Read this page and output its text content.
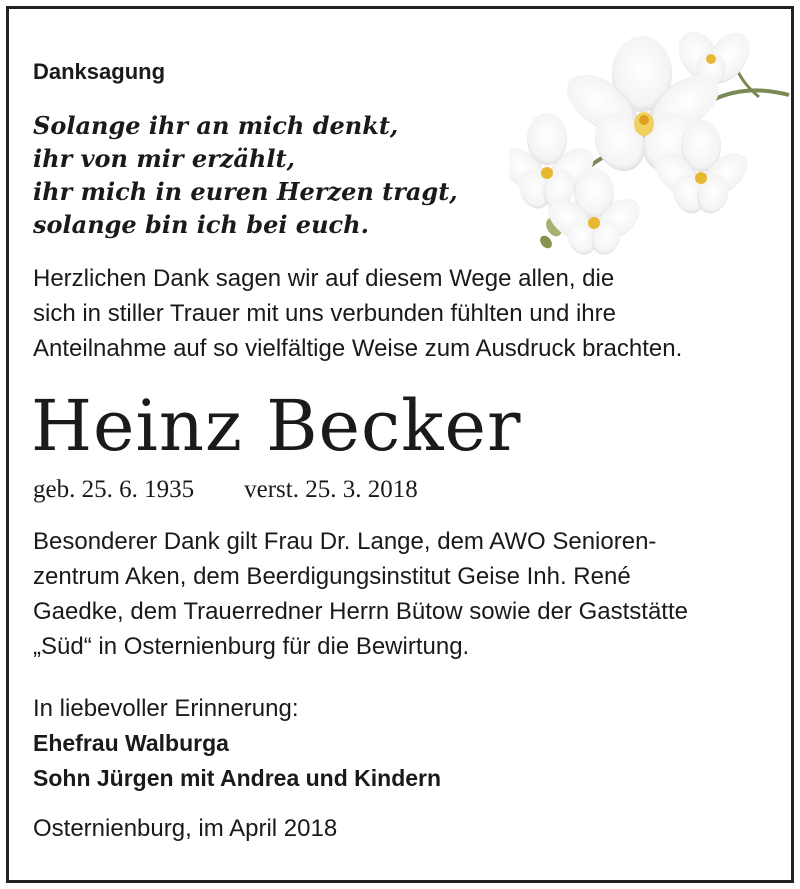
Danksagung
Solange ihr an mich denkt,
ihr von mir erzählt,
ihr mich in euren Herzen tragt,
solange bin ich bei euch.
Herzlichen Dank sagen wir auf diesem Wege allen, die
sich in stiller Trauer mit uns verbunden fühlten und ihre
Anteilnahme auf so vielfältige Weise zum Ausdruck brachten.
Heinz Becker
geb. 25. 6. 1935 verst. 25. 3. 2018
Besonderer Dank gilt Frau Dr. Lange, dem AWO Senioren-
zentrum Aken, dem Beerdigungsinstitut Geise Inh. René
Gaedke, dem Trauerredner Herrn Bütow sowie der Gaststätte
„Süd“ in Osternienburg für die Bewirtung.
In liebevoller Erinnerung:
Ehefrau Walburga
Sohn Jürgen mit Andrea und Kindern
Osternienburg, im April 2018
